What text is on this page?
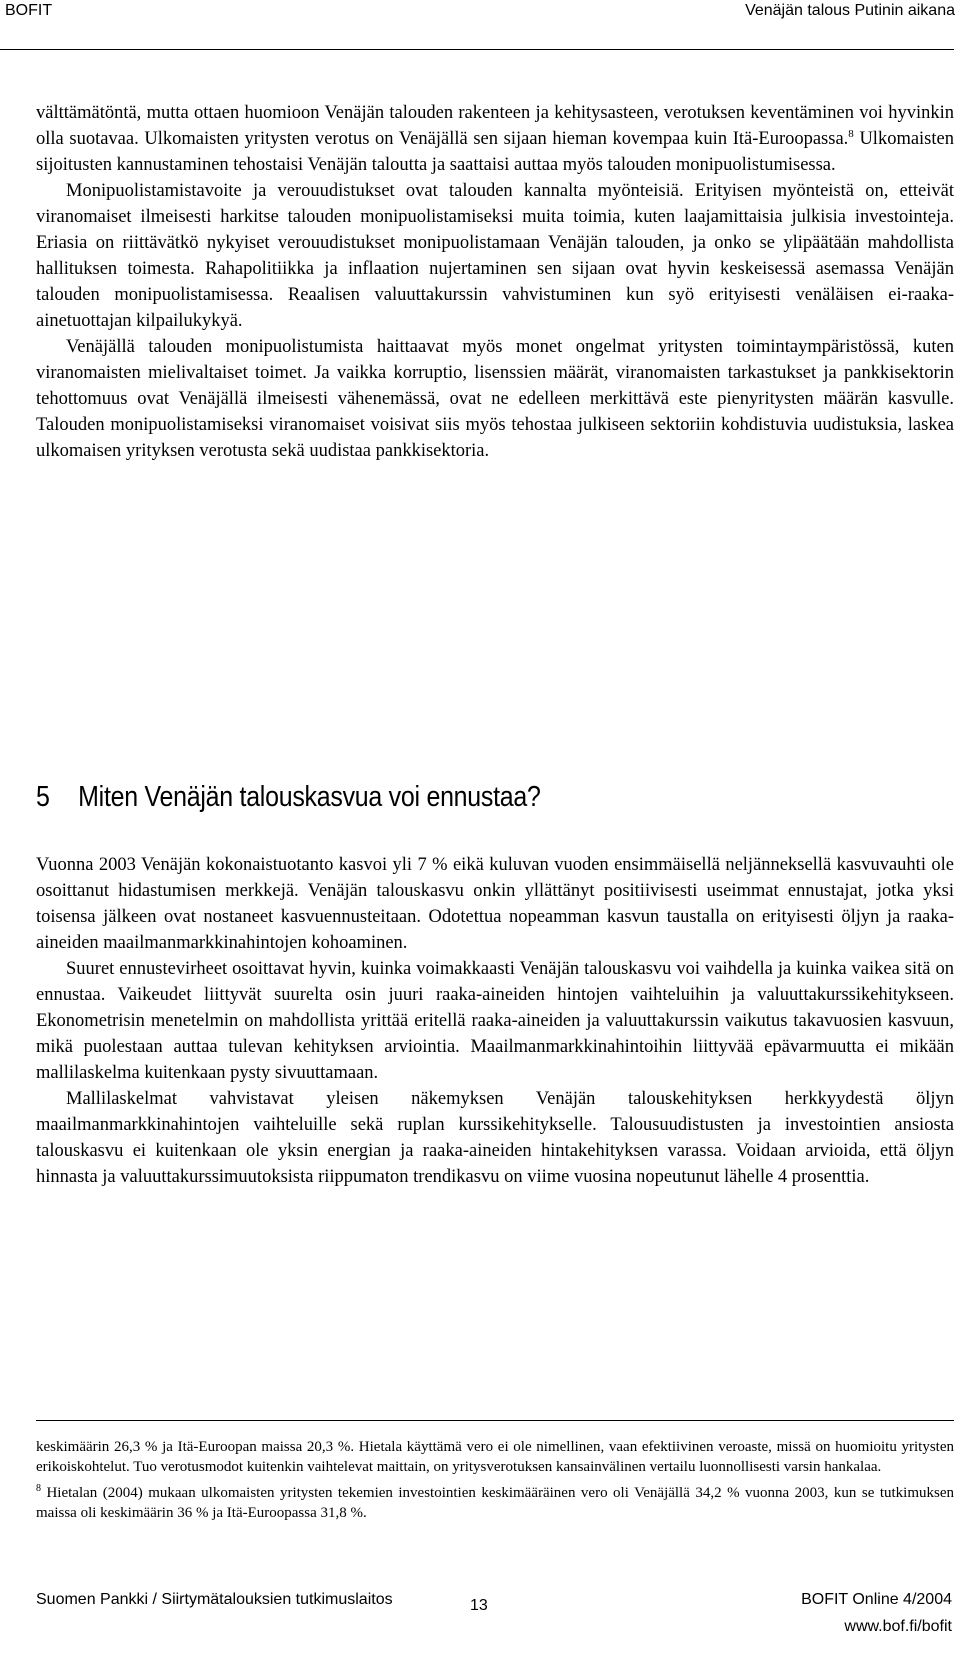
BOFIT	Venäjän talous Putinin aikana

välttämätöntä, mutta ottaen huomioon Venäjän talouden rakenteen ja kehitysasteen, verotuksen keventäminen voi hyvinkin olla suotavaa. Ulkomaisten yritysten verotus on Venäjällä sen sijaan hieman kovempaa kuin Itä-Euroopassa.$^8$ Ulkomaisten sijoitusten kannustaminen tehostaisi Venäjän taloutta ja saattaisi auttaa myös talouden monipuolistumisessa.

Monipuolistamistavoite ja verouudistukset ovat talouden kannalta myönteisiä. Erityisen myönteistä on, etteivät viranomaiset ilmeisesti harkitse talouden monipuolistamiseksi muita toimia, kuten laajamittaisia julkisia investointeja. Eriasia on riittävätkö nykyiset verouudistukset monipuolistamaan Venäjän talouden, ja onko se ylipäätään mahdollista hallituksen toimesta. Rahapolitiikka ja inflaation nujertaminen sen sijaan ovat hyvin keskeisessä asemassa Venäjän talouden monipuolistamisessa. Reaalisen valuuttakurssin vahvistuminen kun syö erityisesti venäläisen ei-raaka-ainetuottajan kilpailukykyä.

Venäjällä talouden monipuolistumista haittaavat myös monet ongelmat yritysten toimintaympäristössä, kuten viranomaisten mielivaltaiset toimet. Ja vaikka korruptio, lisenssien määrät, viranomaisten tarkastukset ja pankkisektorin tehottomuus ovat Venäjällä ilmeisesti vähenemässä, ovat ne edelleen merkittävä este pienyritysten määrän kasvulle. Talouden monipuolistamiseksi viranomaiset voisivat siis myös tehostaa julkiseen sektoriin kohdistuvia uudistuksia, laskea ulkomaisen yrityksen verotusta sekä uudistaa pankkisektoria.

5 Miten Venäjän talouskasvua voi ennustaa?

Vuonna 2003 Venäjän kokonaistuotanto kasvoi yli 7 % eikä kuluvan vuoden ensimmäisellä neljänneksellä kasvuvauhti ole osoittanut hidastumisen merkkejä. Venäjän talouskasvu onkin yllättänyt positiivisesti useimmat ennustajat, jotka yksi toisensa jälkeen ovat nostaneet kasvuennusteitaan. Odotettua nopeamman kasvun taustalla on erityisesti öljyn ja raaka-aineiden maailmanmarkkinahintojen kohoaminen.

Suuret ennustevirheet osoittavat hyvin, kuinka voimakkaasti Venäjän talouskasvu voi vaihdella ja kuinka vaikea sitä on ennustaa. Vaikeudet liittyvät suurelta osin juuri raaka-aineiden hintojen vaihteluihin ja valuuttakurssikehitykseen. Ekonometrisin menetelmin on mahdollista yrittää eritellä raaka-aineiden ja valuuttakurssin vaikutus takavuosien kasvuun, mikä puolestaan auttaa tulevan kehityksen arviointia. Maailmanmarkkinahintoihin liittyvää epävarmuutta ei mikään mallilaskelma kuitenkaan pysty sivuuttamaan.

Mallilaskelmat vahvistavat yleisen näkemyksen Venäjän talouskehityksen herkkyydestä öljyn maailmanmarkkinahintojen vaihteluille sekä ruplan kurssikehitykselle. Talousuudistusten ja investointien ansiosta talouskasvu ei kuitenkaan ole yksin energian ja raaka-aineiden hintakehityksen varassa. Voidaan arvioida, että öljyn hinnasta ja valuuttakurssimuutoksista riippumaton trendikasvu on viime vuosina nopeutunut lähelle 4 prosenttia.

keskimäärin 26,3 % ja Itä-Euroopan maissa 20,3 %. Hietala käyttämä vero ei ole nimellinen, vaan efektiivinen veroaste, missä on huomioitu yritysten erikoiskohtelut. Tuo verotusmodot kuitenkin vaihtelevat maittain, on yritysverotuksen kansainvälinen vertailu luonnollisesti varsin hankalaa.

$^8$ Hietalan (2004) mukaan ulkomaisten yritysten tekemien investointien keskimääräinen vero oli Venäjällä 34,2 % vuonna 2003, kun se tutkimuksen maissa oli keskimäärin 36 % ja Itä-Euroopassa 31,8 %.

Suomen Pankki / Siirtymätalouksien tutkimuslaitos	13	BOFIT Online 4/2004
www.bof.fi/bofit
